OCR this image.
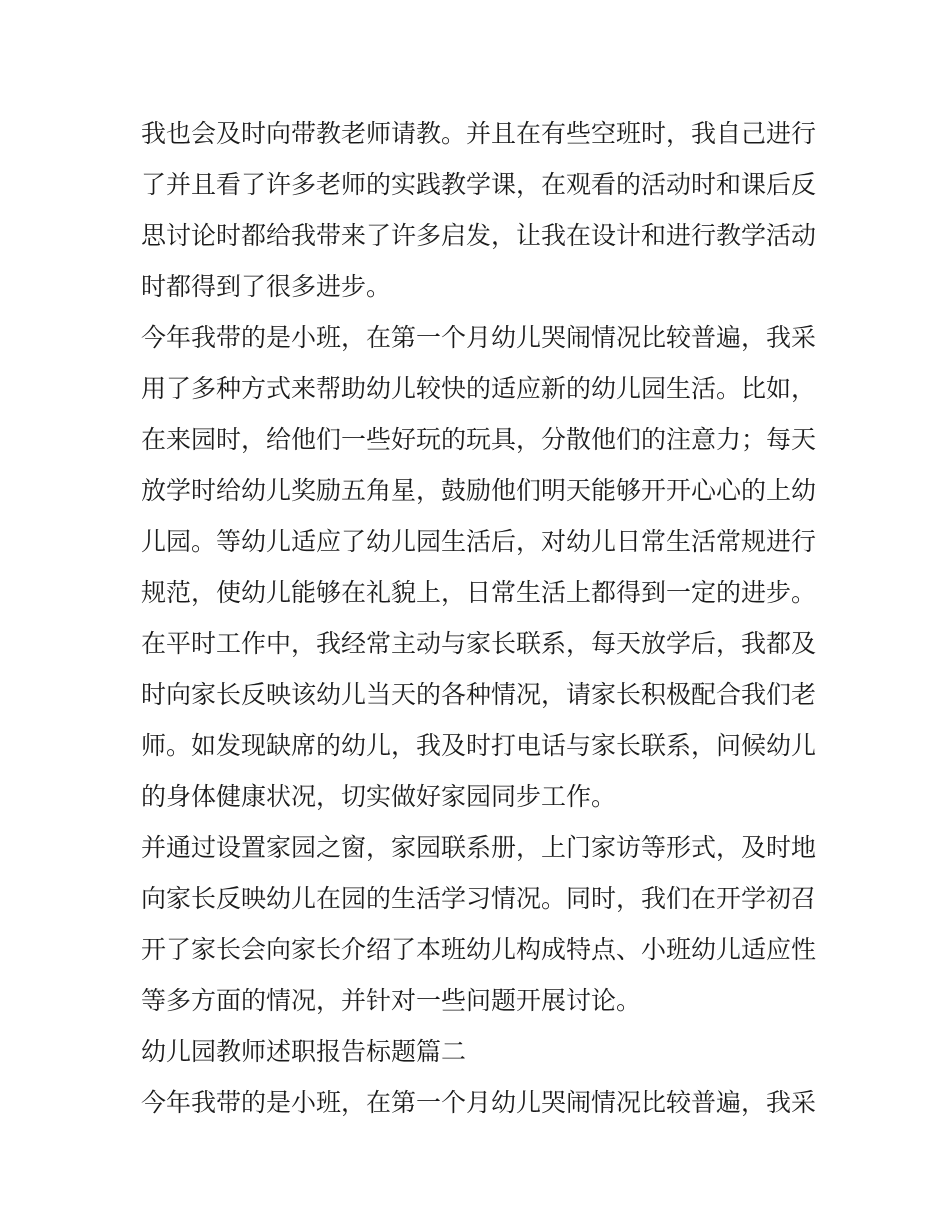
我也会及时向带教老师请教。并且在有些空班时，我自己进行
了并且看了许多老师的实践教学课，在观看的活动时和课后反
思讨论时都给我带来了许多启发，让我在设计和进行教学活动
时都得到了很多进步。
今年我带的是小班，在第一个月幼儿哭闹情况比较普遍，我采
用了多种方式来帮助幼儿较快的适应新的幼儿园生活。比如，
在来园时，给他们一些好玩的玩具，分散他们的注意力；每天
放学时给幼儿奖励五角星，鼓励他们明天能够开开心心的上幼
儿园。等幼儿适应了幼儿园生活后，对幼儿日常生活常规进行
规范，使幼儿能够在礼貌上，日常生活上都得到一定的进步。
在平时工作中，我经常主动与家长联系，每天放学后，我都及
时向家长反映该幼儿当天的各种情况，请家长积极配合我们老
师。如发现缺席的幼儿，我及时打电话与家长联系，问候幼儿
的身体健康状况，切实做好家园同步工作。
并通过设置家园之窗，家园联系册，上门家访等形式，及时地
向家长反映幼儿在园的生活学习情况。同时，我们在开学初召
开了家长会向家长介绍了本班幼儿构成特点、小班幼儿适应性
等多方面的情况，并针对一些问题开展讨论。
幼儿园教师述职报告标题篇二
今年我带的是小班，在第一个月幼儿哭闹情况比较普遍，我采
